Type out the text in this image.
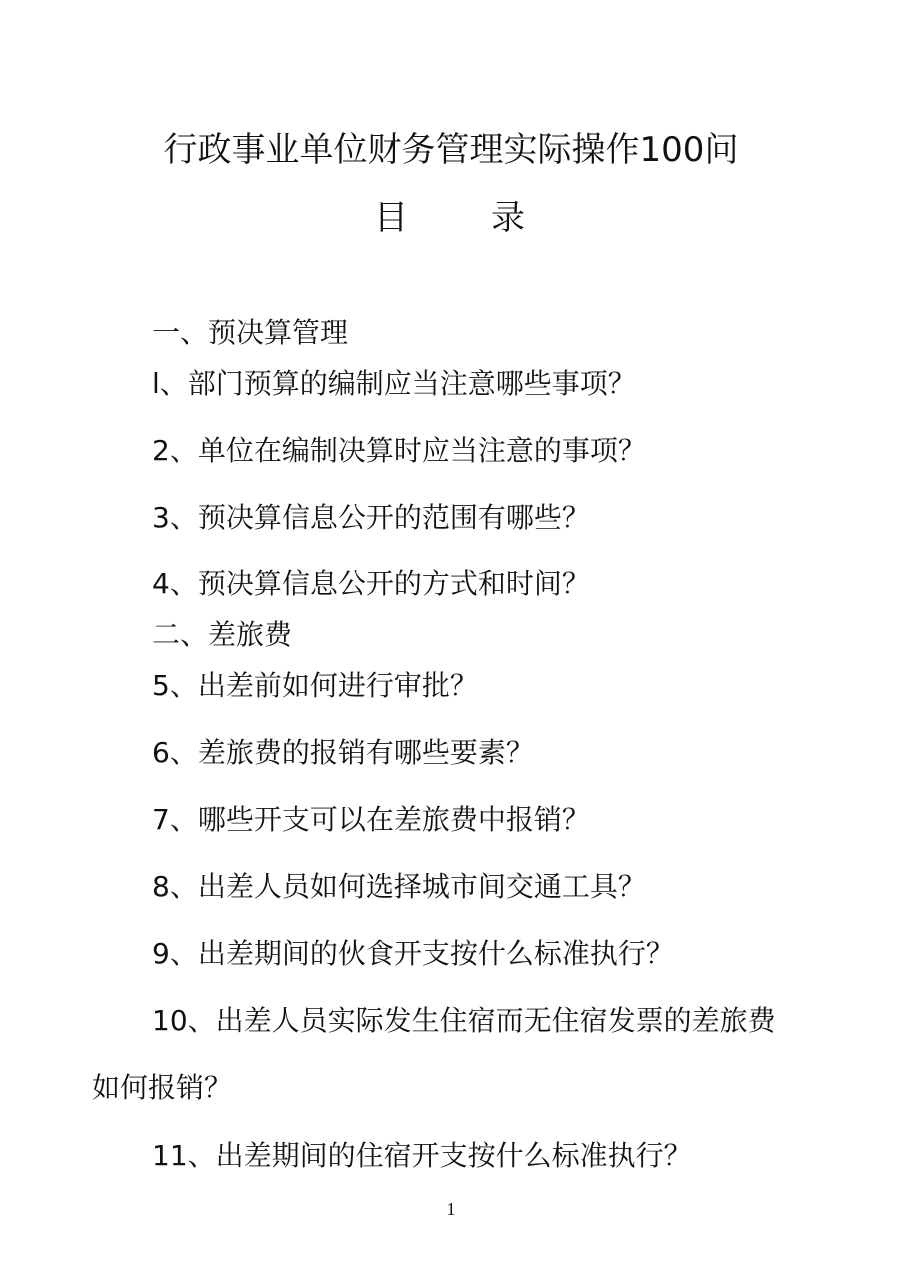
行政事业单位财务管理实际操作100问
目 录
一、预决算管理
l、部门预算的编制应当注意哪些事项？
2、单位在编制决算时应当注意的事项？
3、预决算信息公开的范围有哪些？
4、预决算信息公开的方式和时间？
二、差旅费
5、出差前如何进行审批？
6、差旅费的报销有哪些要素？
7、哪些开支可以在差旅费中报销？
8、出差人员如何选择城市间交通工具？
9、出差期间的伙食开支按什么标准执行？
10、出差人员实际发生住宿而无住宿发票的差旅费
如何报销？
11、出差期间的住宿开支按什么标准执行？
1
